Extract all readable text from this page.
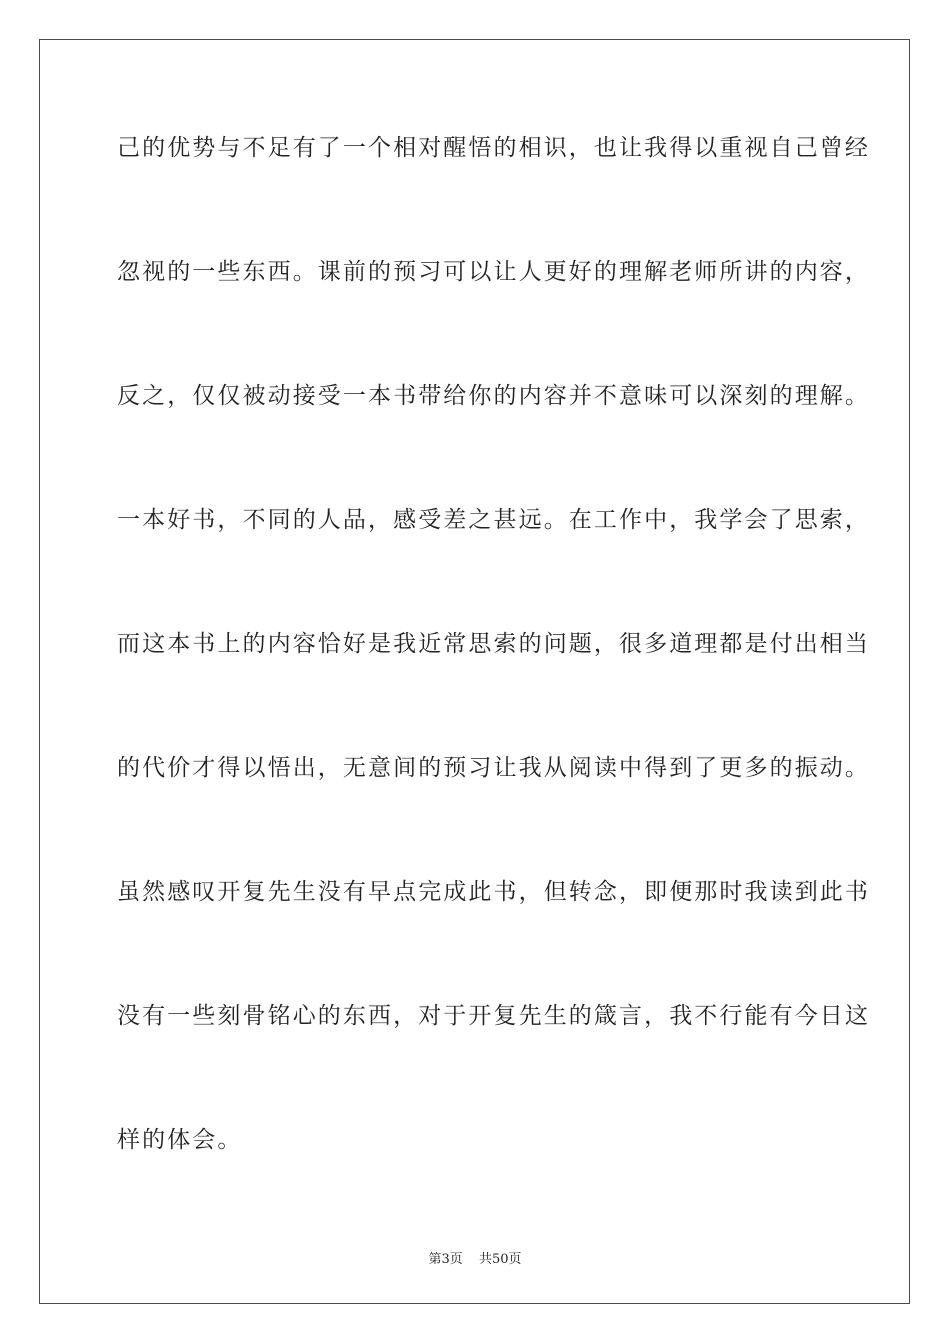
己的优势与不足有了一个相对醒悟的相识，也让我得以重视自己曾经
忽视的一些东西。课前的预习可以让人更好的理解老师所讲的内容，
反之，仅仅被动接受一本书带给你的内容并不意味可以深刻的理解。
一本好书，不同的人品，感受差之甚远。在工作中，我学会了思索，
而这本书上的内容恰好是我近常思索的问题，很多道理都是付出相当
的代价才得以悟出，无意间的预习让我从阅读中得到了更多的振动。
虽然感叹开复先生没有早点完成此书，但转念，即便那时我读到此书
没有一些刻骨铭心的东西，对于开复先生的箴言，我不行能有今日这
样的体会。
第3页 共50页
